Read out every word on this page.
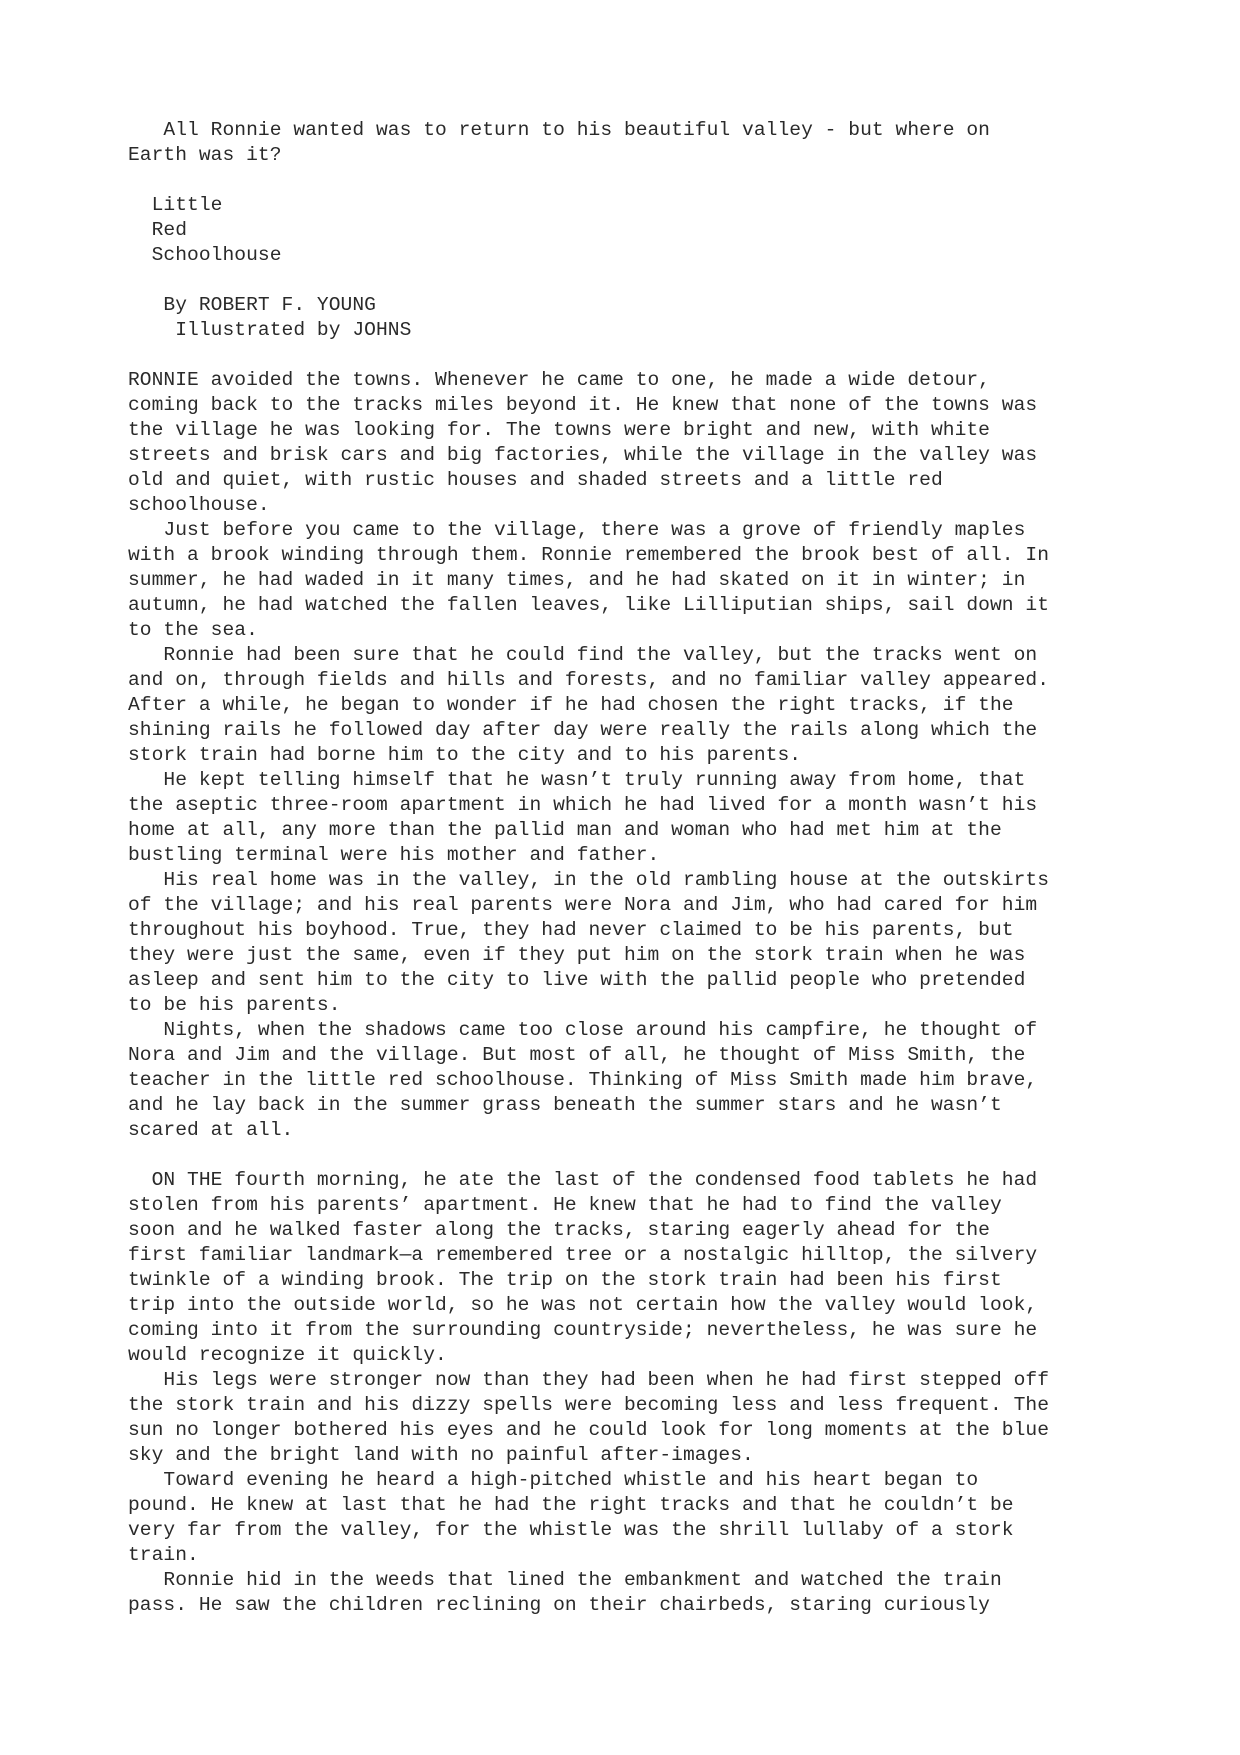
All Ronnie wanted was to return to his beautiful valley - but where on
Earth was it?
Little
Red
Schoolhouse
By ROBERT F. YOUNG
Illustrated by JOHNS
RONNIE avoided the towns. Whenever he came to one, he made a wide detour,
coming back to the tracks miles beyond it. He knew that none of the towns was
the village he was looking for. The towns were bright and new, with white
streets and brisk cars and big factories, while the village in the valley was
old and quiet, with rustic houses and shaded streets and a little red
schoolhouse.
Just before you came to the village, there was a grove of friendly maples
with a brook winding through them. Ronnie remembered the brook best of all. In
summer, he had waded in it many times, and he had skated on it in winter; in
autumn, he had watched the fallen leaves, like Lilliputian ships, sail down it
to the sea.
Ronnie had been sure that he could find the valley, but the tracks went on
and on, through fields and hills and forests, and no familiar valley appeared.
After a while, he began to wonder if he had chosen the right tracks, if the
shining rails he followed day after day were really the rails along which the
stork train had borne him to the city and to his parents.
He kept telling himself that he wasn’t truly running away from home, that
the aseptic three-room apartment in which he had lived for a month wasn’t his
home at all, any more than the pallid man and woman who had met him at the
bustling terminal were his mother and father.
His real home was in the valley, in the old rambling house at the outskirts
of the village; and his real parents were Nora and Jim, who had cared for him
throughout his boyhood. True, they had never claimed to be his parents, but
they were just the same, even if they put him on the stork train when he was
asleep and sent him to the city to live with the pallid people who pretended
to be his parents.
Nights, when the shadows came too close around his campfire, he thought of
Nora and Jim and the village. But most of all, he thought of Miss Smith, the
teacher in the little red schoolhouse. Thinking of Miss Smith made him brave,
and he lay back in the summer grass beneath the summer stars and he wasn’t
scared at all.
ON THE fourth morning, he ate the last of the condensed food tablets he had
stolen from his parents’ apartment. He knew that he had to find the valley
soon and he walked faster along the tracks, staring eagerly ahead for the
first familiar landmark—a remembered tree or a nostalgic hilltop, the silvery
twinkle of a winding brook. The trip on the stork train had been his first
trip into the outside world, so he was not certain how the valley would look,
coming into it from the surrounding countryside; nevertheless, he was sure he
would recognize it quickly.
His legs were stronger now than they had been when he had first stepped off
the stork train and his dizzy spells were becoming less and less frequent. The
sun no longer bothered his eyes and he could look for long moments at the blue
sky and the bright land with no painful after-images.
Toward evening he heard a high-pitched whistle and his heart began to
pound. He knew at last that he had the right tracks and that he couldn’t be
very far from the valley, for the whistle was the shrill lullaby of a stork
train.
Ronnie hid in the weeds that lined the embankment and watched the train
pass. He saw the children reclining on their chairbeds, staring curiously
